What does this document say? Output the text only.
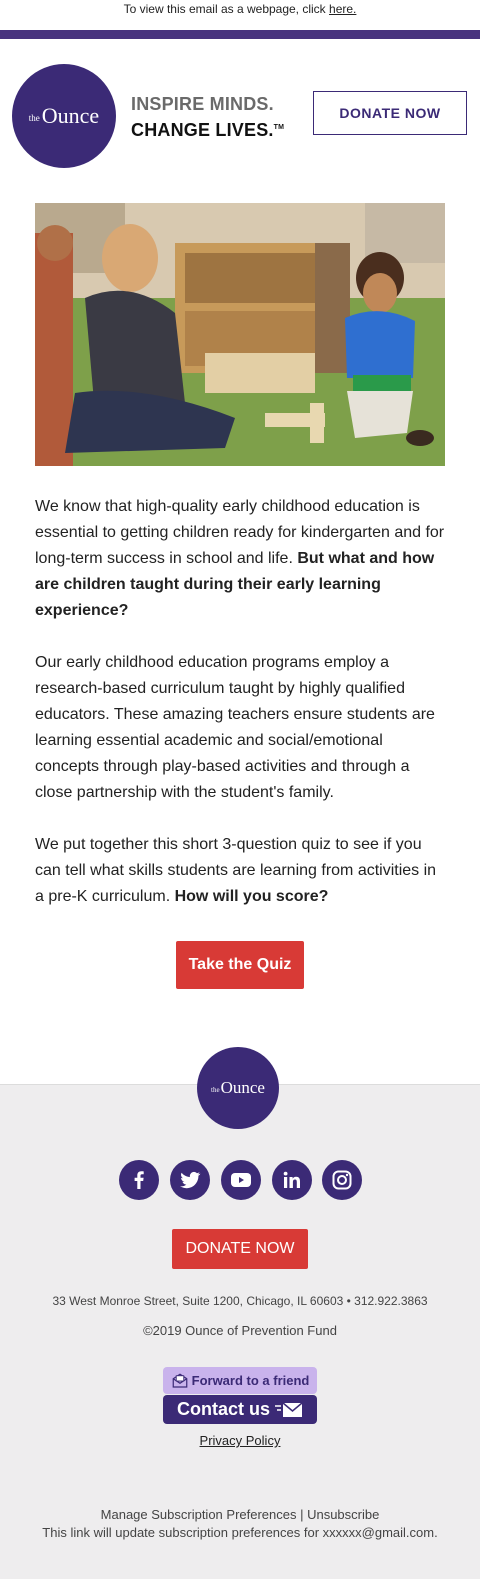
To view this email as a webpage, click here.
the Ounce INSPIRE MINDS.
CHANGE LIVES.™
DONATE NOW

We know that high-quality early childhood education is essential to getting children ready for kindergarten and for long-term success in school and life. But what and how are children taught during their early learning experience?

Our early childhood education programs employ a research-based curriculum taught by highly qualified educators. These amazing teachers ensure students are learning essential academic and social/emotional concepts through play-based activities and through a close partnership with the student's family.

We put together this short 3-question quiz to see if you can tell what skills students are learning from activities in a pre-K curriculum. How will you score?

Take the Quiz
the Ounce
DONATE NOW
33 West Monroe Street, Suite 1200, Chicago, IL 60603 • 312.922.3863
©2019 Ounce of Prevention Fund
Forward to a friend
Contact us
Privacy Policy
Manage Subscription Preferences | Unsubscribe
This link will update subscription preferences for xxxxxx@gmail.com.
